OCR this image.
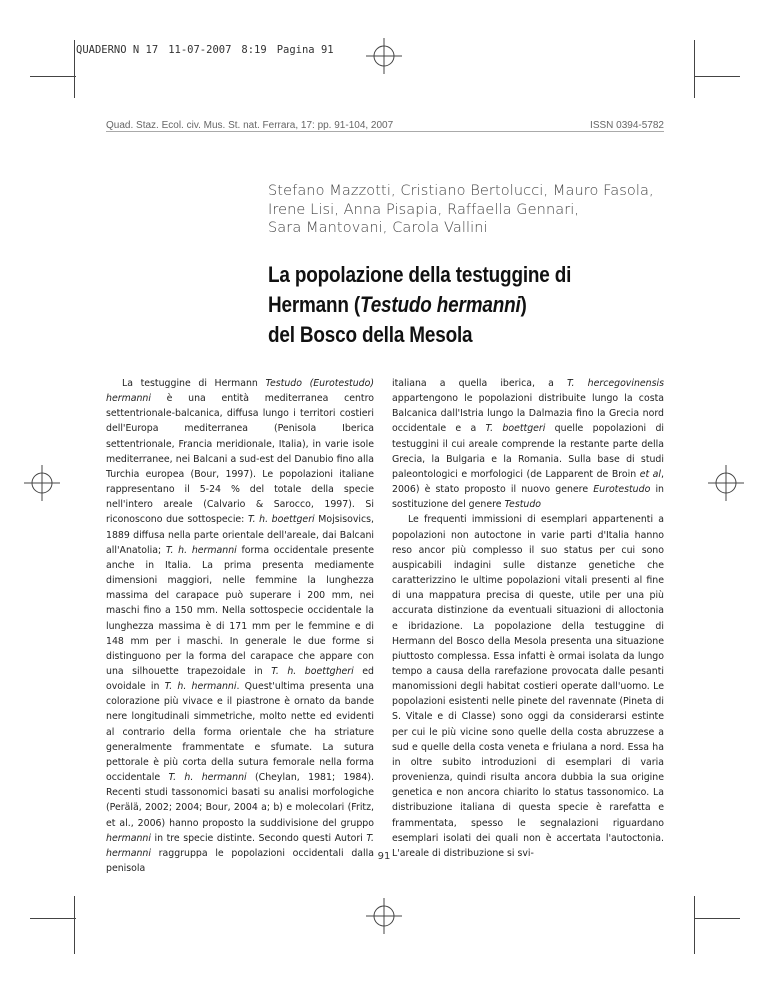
QUADERNO N 17 11-07-2007 8:19 Pagina 91
Quad. Staz. Ecol. civ. Mus. St. nat. Ferrara, 17: pp. 91-104, 2007	ISSN 0394-5782
Stefano Mazzotti, Cristiano Bertolucci, Mauro Fasola,
Irene Lisi, Anna Pisapia, Raffaella Gennari,
Sara Mantovani, Carola Vallini
La popolazione della testuggine di
Hermann (Testudo hermanni)
del Bosco della Mesola

La testuggine di Hermann Testudo (Eurotestudo) hermanni è una entità mediterranea centro settentrionale-balcanica, diffusa lungo i territori costieri dell'Europa mediterranea (Penisola Iberica settentrionale, Francia meridionale, Italia), in varie isole mediterranee, nei Balcani a sud-est del Danubio fino alla Turchia europea (Bour, 1997). Le popolazioni italiane rappresentano il 5-24 % del totale della specie nell'intero areale (Calvario & Sarocco, 1997). Si riconoscono due sottospecie: T. h. boettgeri Mojsisovics, 1889 diffusa nella parte orientale dell'areale, dai Balcani all'Anatolia; T. h. hermanni forma occidentale presente anche in Italia. La prima presenta mediamente dimensioni maggiori, nelle femmine la lunghezza massima del carapace può superare i 200 mm, nei maschi fino a 150 mm. Nella sottospecie occidentale la lunghezza massima è di 171 mm per le femmine e di 148 mm per i maschi. In generale le due forme si distinguono per la forma del carapace che appare con una silhouette trapezoidale in T. h. boettgheri ed ovoidale in T. h. hermanni. Quest'ultima presenta una colorazione più vivace e il piastrone è ornato da bande nere longitudinali simmetriche, molto nette ed evidenti al contrario della forma orientale che ha striature generalmente frammentate e sfumate. La sutura pettorale è più corta della sutura femorale nella forma occidentale T. h. hermanni (Cheylan, 1981; 1984). Recenti studi tassonomici basati su analisi morfologiche (Perälä, 2002; 2004; Bour, 2004 a; b) e molecolari (Fritz, et al., 2006) hanno proposto la suddivisione del gruppo hermanni in tre specie distinte. Secondo questi Autori T. hermanni raggruppa le popolazioni occidentali dalla penisola

italiana a quella iberica, a T. hercegovinensis appartengono le popolazioni distribuite lungo la costa Balcanica dall'Istria lungo la Dalmazia fino la Grecia nord occidentale e a T. boettgeri quelle popolazioni di testuggini il cui areale comprende la restante parte della Grecia, la Bulgaria e la Romania. Sulla base di studi paleontologici e morfologici (de Lapparent de Broin et al, 2006) è stato proposto il nuovo genere Eurotestudo in sostituzione del genere Testudo

Le frequenti immissioni di esemplari appartenenti a popolazioni non autoctone in varie parti d'Italia hanno reso ancor più complesso il suo status per cui sono auspicabili indagini sulle distanze genetiche che caratterizzino le ultime popolazioni vitali presenti al fine di una mappatura precisa di queste, utile per una più accurata distinzione da eventuali situazioni di alloctonia e ibridazione. La popolazione della testuggine di Hermann del Bosco della Mesola presenta una situazione piuttosto complessa. Essa infatti è ormai isolata da lungo tempo a causa della rarefazione provocata dalle pesanti manomissioni degli habitat costieri operate dall'uomo. Le popolazioni esistenti nelle pinete del ravennate (Pineta di S. Vitale e di Classe) sono oggi da considerarsi estinte per cui le più vicine sono quelle della costa abruzzese a sud e quelle della costa veneta e friulana a nord. Essa ha in oltre subito introduzioni di esemplari di varia provenienza, quindi risulta ancora dubbia la sua origine genetica e non ancora chiarito lo status tassonomico. La distribuzione italiana di questa specie è rarefatta e frammentata, spesso le segnalazioni riguardano esemplari isolati dei quali non è accertata l'autoctonia. L'areale di distribuzione si svi-

91
